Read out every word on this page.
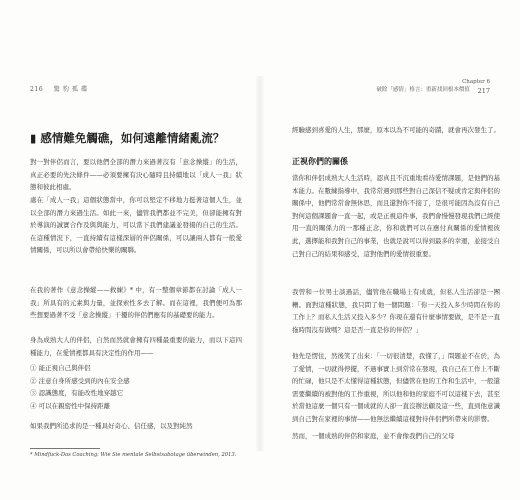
216 驚 豹 孤 碟
▮ 感情難免觸礁，如何遠離情緒亂流？
對一對伴侶而言，要以他們全部的潛力來過著沒有「意念操縱」的生活，真正必要的先決條件——必須要擁有決心隨時且持續地以「成人一我」狀態和彼此相處。
處在「成人一我」這個狀態當中，你可以堅定不移地力挺著這個人生，並以全部的潛力來過生活。如此一來，儘管我們都並不完美，但卻能擁有對於導演的誠實合作及與與能力，可以當下我們建議並發揚的自己的生活。在這種情況下，一直持續有這樣深層的伴侶關係，可以讓兩人都有一般愛情關係，可以所以會帶給快樂的關聯。
在我的著作《意念操縱——救練》* 中，有一整個章節都在討論「成人一我」所具有的元素與力量，並探索性多去了解。而在這裡，我們便可為那些想要過著不受「意念操縱」干擾的伴侶們應有的基礎要的能力。
身為成熟大人的伴侶，自然而然就會擁有四種最重要的能力，而以下這四種能力，在愛情裡都具有決定性的作用——
① 能正視自己與伴侶
② 注意自身所感受到的內在安全感
③ 認識態度，有能改性地穿越它
④ 可以在親密性中保持距離
如果我們所追求的是一種具好奇心、信任感，以及對純然
* Mindfuck-Das Coaching: Wie Sie mentale Selbstsabotage überwinden, 2013.
Chapter 6
破除「感情」格言：重新找回根本價值 217
經驗感到喜愛的人生，那麼，原本以為不可能的奇蹟，就會再次發生了。
正視你們的關係
當你和伴侶成熟大人生活時，認真且不沉重地看待愛情課題，是他們的基本能力。在數練指導中，我常常遇到那些對自己深信不疑或肯定與伴侶的關係中，他們常常會無休思，而且還對你不接了，是很可能因為沒有自己對何這個課題會一直一起，或是正視這件事，我們會慢慢發現我們已經使用一直的關係力的一那種正念，你和就們可以在應付真關係的愛情裡彼此，選擇能和我對自己的事業，也就是說可以得到最多的幸運，並接受自己對自己的結果和感受，這對他們的愛情很重要。
我曾和一位男士談過話，儘管他在職場上有成就，但私人生活卻是一團糟。面對這種狀態，我只問了他一個問題：「你一天投入多少時間在你的工作上？而私人生活又投入多少？你現在還有什麼事情要做，是不是一直拖時間沒有做嗎？這是否一直是你的伴侶？」
他先是愣住，然後笑了出來：「一切很清楚，我懂了，」問題並不在於，為了愛情，一切就得停擺，不過事實上到常常在發現，我自己在工作上不斷的忙碌，他只是不太懂得這種狀態，但儘管在他的工作和生活中，一般還需要繼續的被對他的工作重視，所以他和他的家庭不可以這樣下去，甚至於當他這麼一個只有一個成就的人卻一直沒辦法顧及這一些，直到他意識到自己對在家裡的事情——他無法繼續這樣對待伴侶們所帶來的影響。
然而，一個成熟的伴侶和家庭，並不會像我們自己的父母
